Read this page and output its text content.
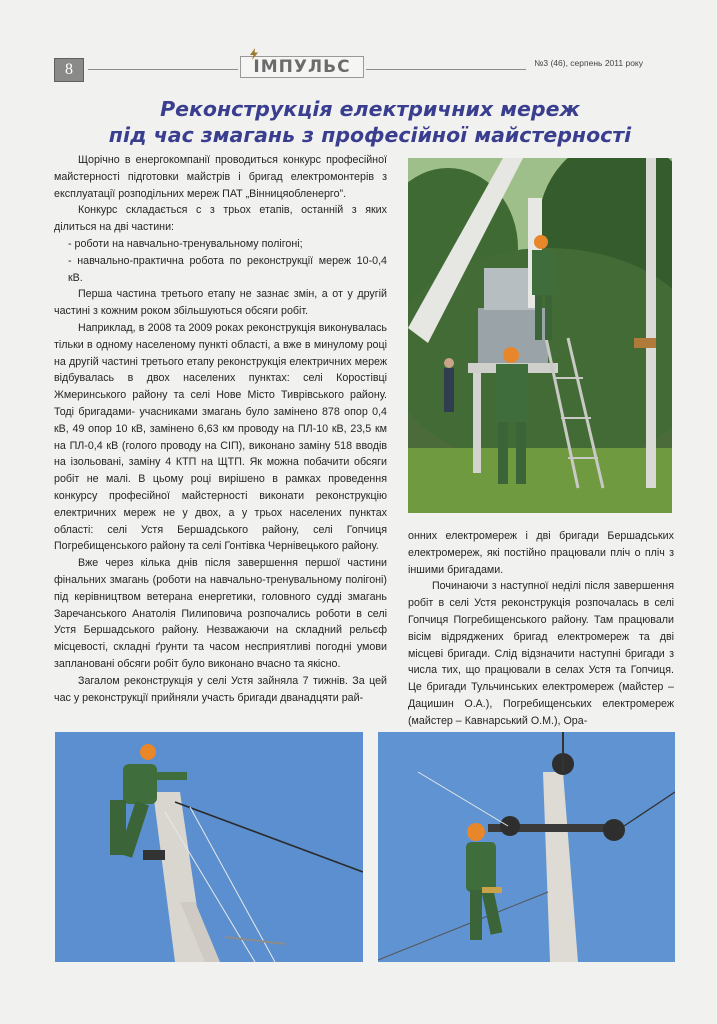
8	ІМПУЛЬС	№3 (46), серпень 2011 року
Реконструкція електричних мереж
під час змагань з професійної майстерності

Щорічно в енергокомпанії проводиться конкурс професійної майстерності підготовки майстрів і бригад електромонтерів з експлуатації розподільних мереж ПАТ „Вінницяобленерго”.

Конкурс складається с з трьох етапів, останній з яких ділиться на дві частини:

- роботи на навчально-тренувальному полігоні;

- навчально-практична робота по реконструкції мереж 10-0,4 кВ.

Перша частина третього етапу не зазнає змін, а от у другій частині з кожним роком збільшуються обсяги робіт.

Наприклад, в 2008 та 2009 роках реконструкція виконувалась тільки в одному населеному пункті області, а вже в минулому році на другій частині третього етапу реконструкція електричних мереж відбувалась в двох населених пунктах: селі Коростівці Жмеринського району та селі Нове Місто Тиврівського району. Тоді бригадами- учасниками змагань було замінено 878 опор 0,4 кВ, 49 опор 10 кВ, замінено 6,63 км проводу на ПЛ-10 кВ, 23,5 км на ПЛ-0,4 кВ (голого проводу на СІП), виконано заміну 518 вводів на ізольовані, заміну 4 КТП на ЩТП. Як можна побачити обсяги робіт не малі. В цьому році вирішено в рамках проведення конкурсу професійної майстерності виконати реконструкцію електричних мереж не у двох, а у трьох населених пунктах області: селі Устя Бершадського району, селі Гопчиця Погребищенського району та селі Гонтівка Чернівецького району.

Вже через кілька днів після завершення першої частини фінальних змагань (роботи на навчально-тренувальному полігоні) під керівництвом ветерана енергетики, головного судді змагань Заречанського Анатолія Пилиповича розпочались роботи в селі Устя Бершадського району. Незважаючи на складний рельєф місцевості, складні ґрунти та часом несприятливі погодні умови заплановані обсяги робіт було виконано вчасно та якісно.

Загалом реконструкція у селі Устя зайняла 7 тижнів. За цей час у реконструкції прийняли участь бригади дванадцяти рай-

онних електромереж і дві бригади Бершадських електромереж, які постійно працювали пліч о пліч з іншими бригадами.

Починаючи з наступної неділі після завершення робіт в селі Устя реконструкція розпочалась в селі Гопчиця Погребищенського району. Там працювали вісім відряджених бригад електромереж та дві місцеві бригади. Слід відзначити наступні бригади з числа тих, що працювали в селах Устя та Гопчиця. Це бригади Тульчинських електромереж (майстер – Дацишин О.А.), Погребищенських електромереж (майстер – Кавнарський О.М.), Ора-
